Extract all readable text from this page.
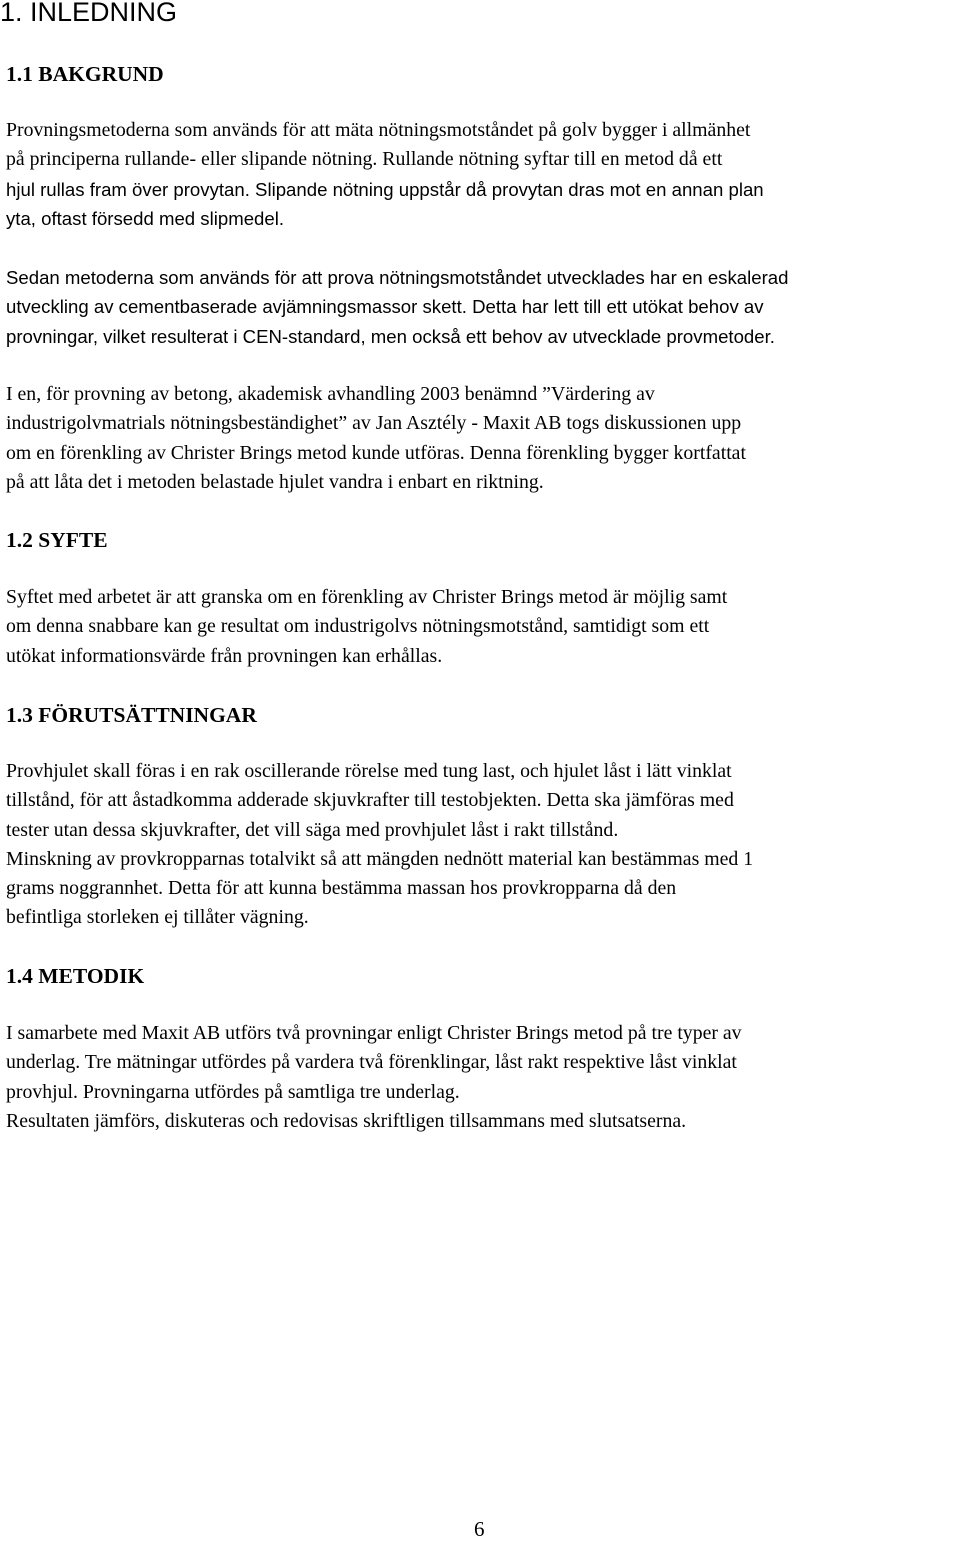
1. INLEDNING
1.1 BAKGRUND

Provningsmetoderna som används för att mäta nötningsmotståndet på golv bygger i allmänhet
på principerna rullande- eller slipande nötning. Rullande nötning syftar till en metod då ett
hjul rullas fram över provytan. Slipande nötning uppstår då provytan dras mot en annan plan
yta, oftast försedd med slipmedel.

Sedan metoderna som används för att prova nötningsmotståndet utvecklades har en eskalerad
utveckling av cementbaserade avjämningsmassor skett. Detta har lett till ett utökat behov av
provningar, vilket resulterat i CEN-standard, men också ett behov av utvecklade provmetoder.

I en, för provning av betong, akademisk avhandling 2003 benämnd ”Värdering av
industrigolvmatrials nötningsbeständighet” av Jan Asztély - Maxit AB togs diskussionen upp
om en förenkling av Christer Brings metod kunde utföras. Denna förenkling bygger kortfattat
på att låta det i metoden belastade hjulet vandra i enbart en riktning.

1.2 SYFTE

Syftet med arbetet är att granska om en förenkling av Christer Brings metod är möjlig samt
om denna snabbare kan ge resultat om industrigolvs nötningsmotstånd, samtidigt som ett
utökat informationsvärde från provningen kan erhållas.

1.3 FÖRUTSÄTTNINGAR

Provhjulet skall föras i en rak oscillerande rörelse med tung last, och hjulet låst i lätt vinklat
tillstånd, för att åstadkomma adderade skjuvkrafter till testobjekten. Detta ska jämföras med
tester utan dessa skjuvkrafter, det vill säga med provhjulet låst i rakt tillstånd.
Minskning av provkropparnas totalvikt så att mängden nednött material kan bestämmas med 1
grams noggrannhet. Detta för att kunna bestämma massan hos provkropparna då den
befintliga storleken ej tillåter vägning.

1.4 METODIK

I samarbete med Maxit AB utförs två provningar enligt Christer Brings metod på tre typer av
underlag. Tre mätningar utfördes på vardera två förenklingar, låst rakt respektive låst vinklat
provhjul. Provningarna utfördes på samtliga tre underlag.
Resultaten jämförs, diskuteras och redovisas skriftligen tillsammans med slutsatserna.

6
